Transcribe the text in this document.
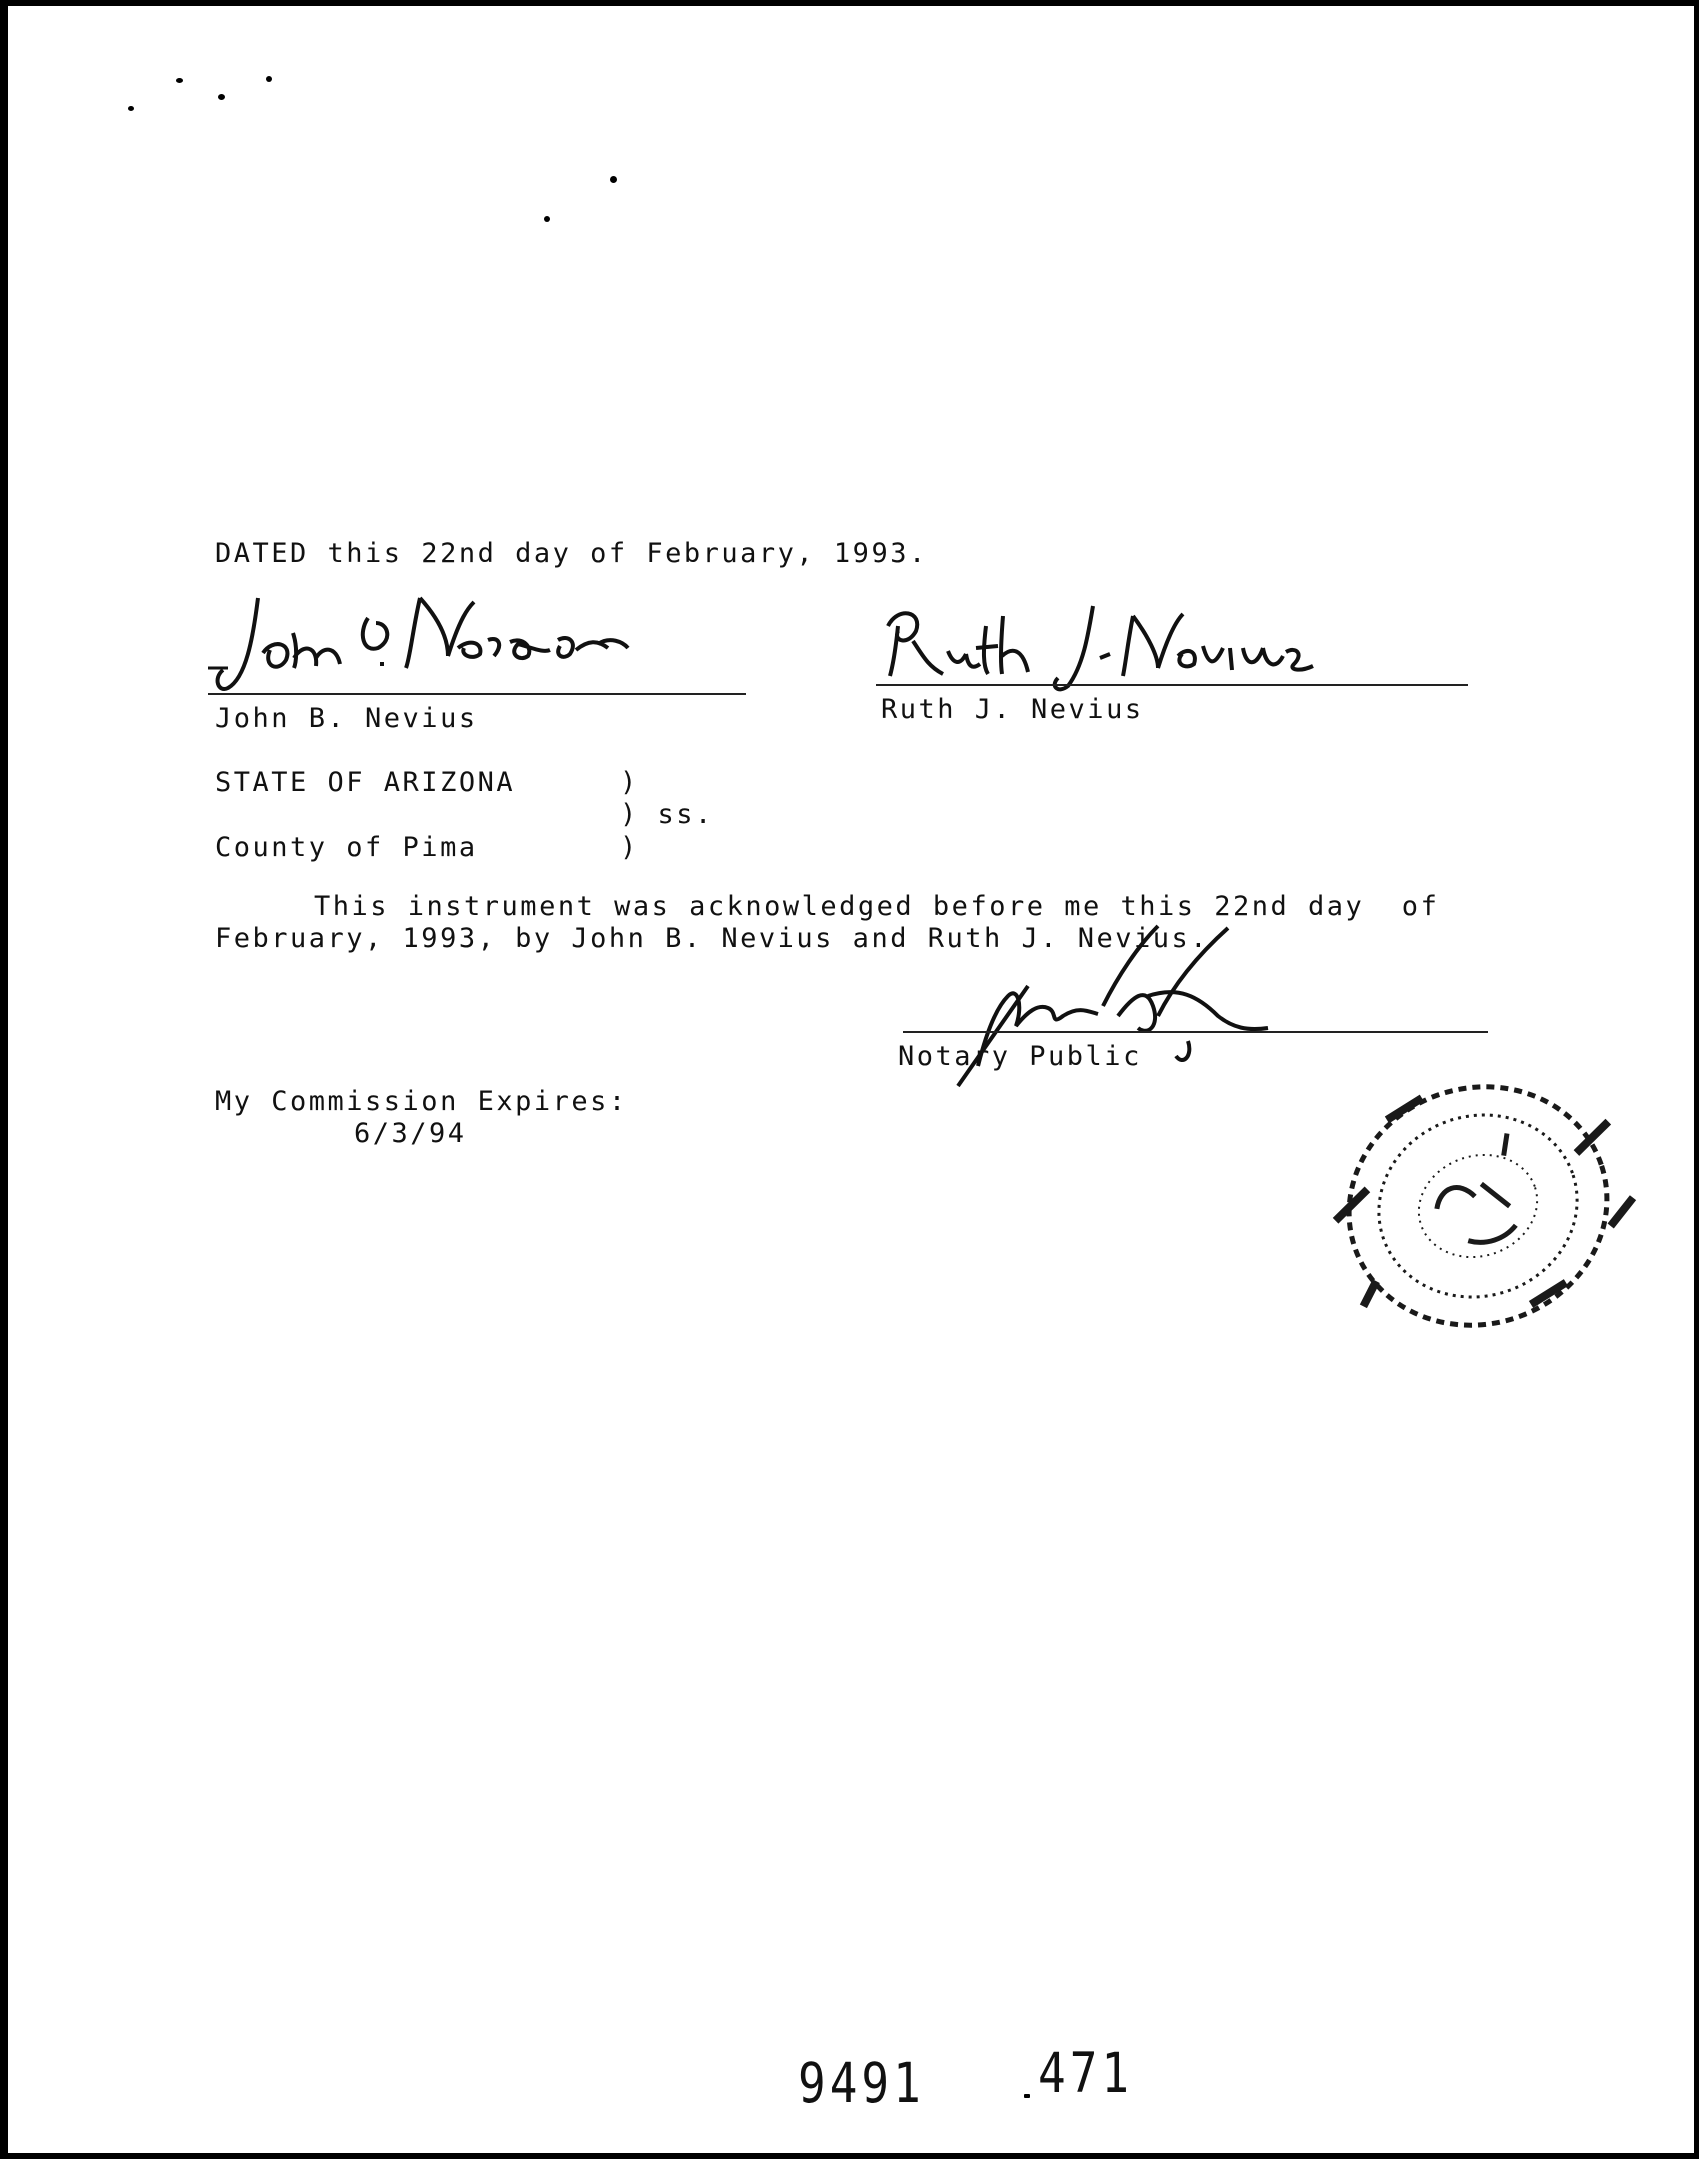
DATED this 22nd day of February, 1993.
John B. Nevius	Ruth J. Nevius
STATE OF ARIZONA	)
) ss.
County of Pima	)
This instrument was acknowledged before me this 22nd day  of
February, 1993, by John B. Nevius and Ruth J. Nevius.
Notary Public
My Commission Expires:
6/3/94
9491 471
